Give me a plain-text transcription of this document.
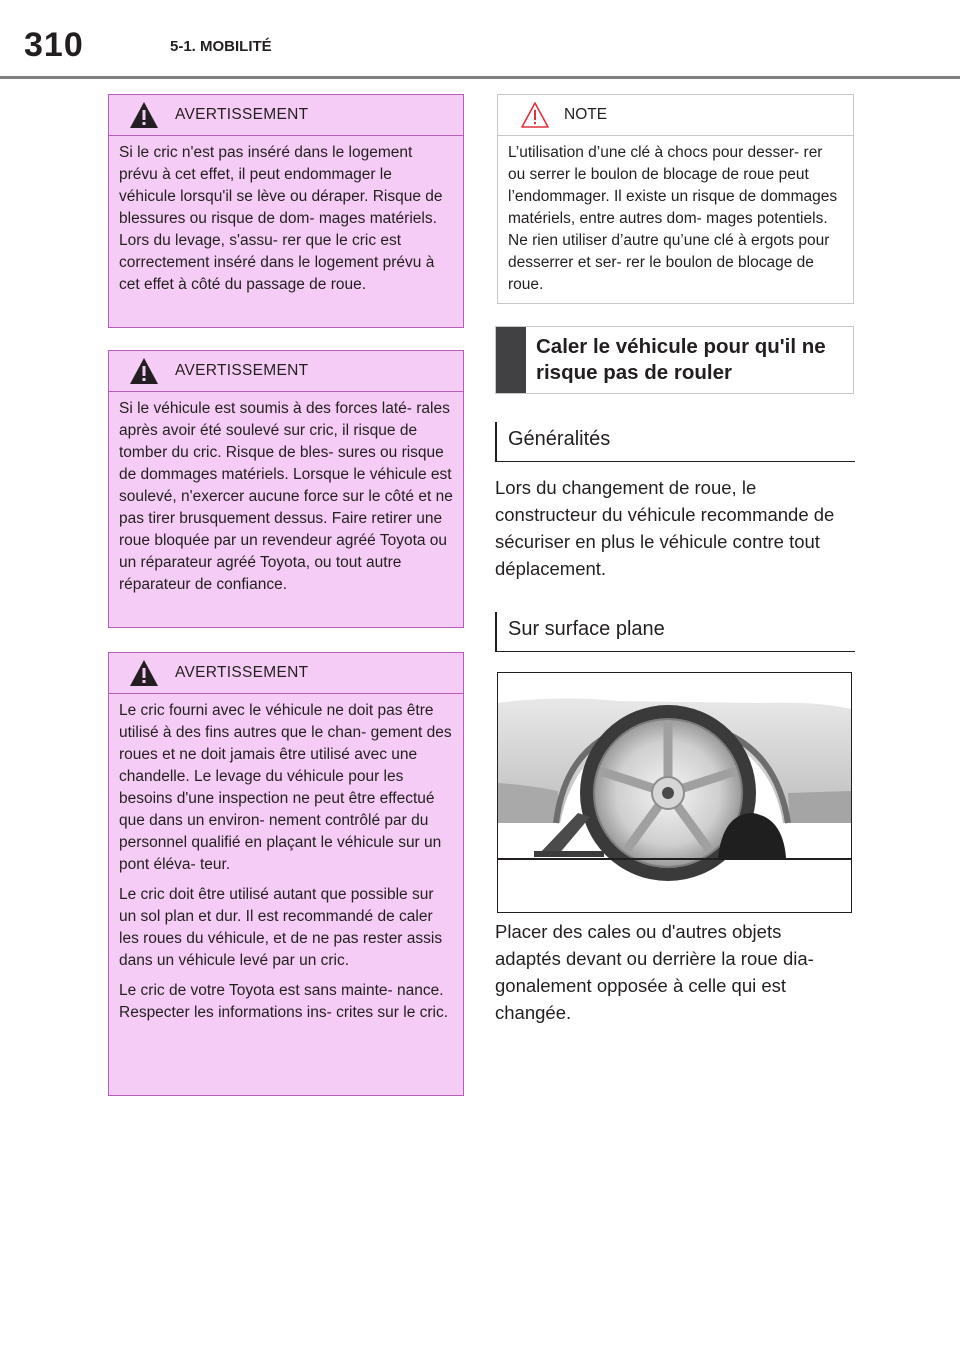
310	5-1. MOBILITÉ
AVERTISSEMENT

Si le cric n'est pas inséré dans le logement prévu à cet effet, il peut endommager le véhicule lorsqu'il se lève ou déraper. Risque de blessures ou risque de dom- mages matériels. Lors du levage, s'assu- rer que le cric est correctement inséré dans le logement prévu à cet effet à côté du passage de roue.

AVERTISSEMENT

Si le véhicule est soumis à des forces laté- rales après avoir été soulevé sur cric, il risque de tomber du cric. Risque de bles- sures ou risque de dommages matériels. Lorsque le véhicule est soulevé, n'exercer aucune force sur le côté et ne pas tirer brusquement dessus. Faire retirer une roue bloquée par un revendeur agréé Toyota ou un réparateur agréé Toyota, ou tout autre réparateur de confiance.

AVERTISSEMENT

Le cric fourni avec le véhicule ne doit pas être utilisé à des fins autres que le chan- gement des roues et ne doit jamais être utilisé avec une chandelle. Le levage du véhicule pour les besoins d'une inspection ne peut être effectué que dans un environ- nement contrôlé par du personnel qualifié en plaçant le véhicule sur un pont éléva- teur.

Le cric doit être utilisé autant que possible sur un sol plan et dur. Il est recommandé de caler les roues du véhicule, et de ne pas rester assis dans un véhicule levé par un cric.

Le cric de votre Toyota est sans mainte- nance. Respecter les informations ins- crites sur le cric.

NOTE

L’utilisation d’une clé à chocs pour desser- rer ou serrer le boulon de blocage de roue peut l’endommager. Il existe un risque de dommages matériels, entre autres dom- mages potentiels. Ne rien utiliser d’autre qu’une clé à ergots pour desserrer et ser- rer le boulon de blocage de roue.

Caler le véhicule pour qu'il ne risque pas de rouler
Généralités

Lors du changement de roue, le constructeur du véhicule recommande de sécuriser en plus le véhicule contre tout déplacement.

Sur surface plane

Placer des cales ou d'autres objets adaptés devant ou derrière la roue dia- gonalement opposée à celle qui est changée.
